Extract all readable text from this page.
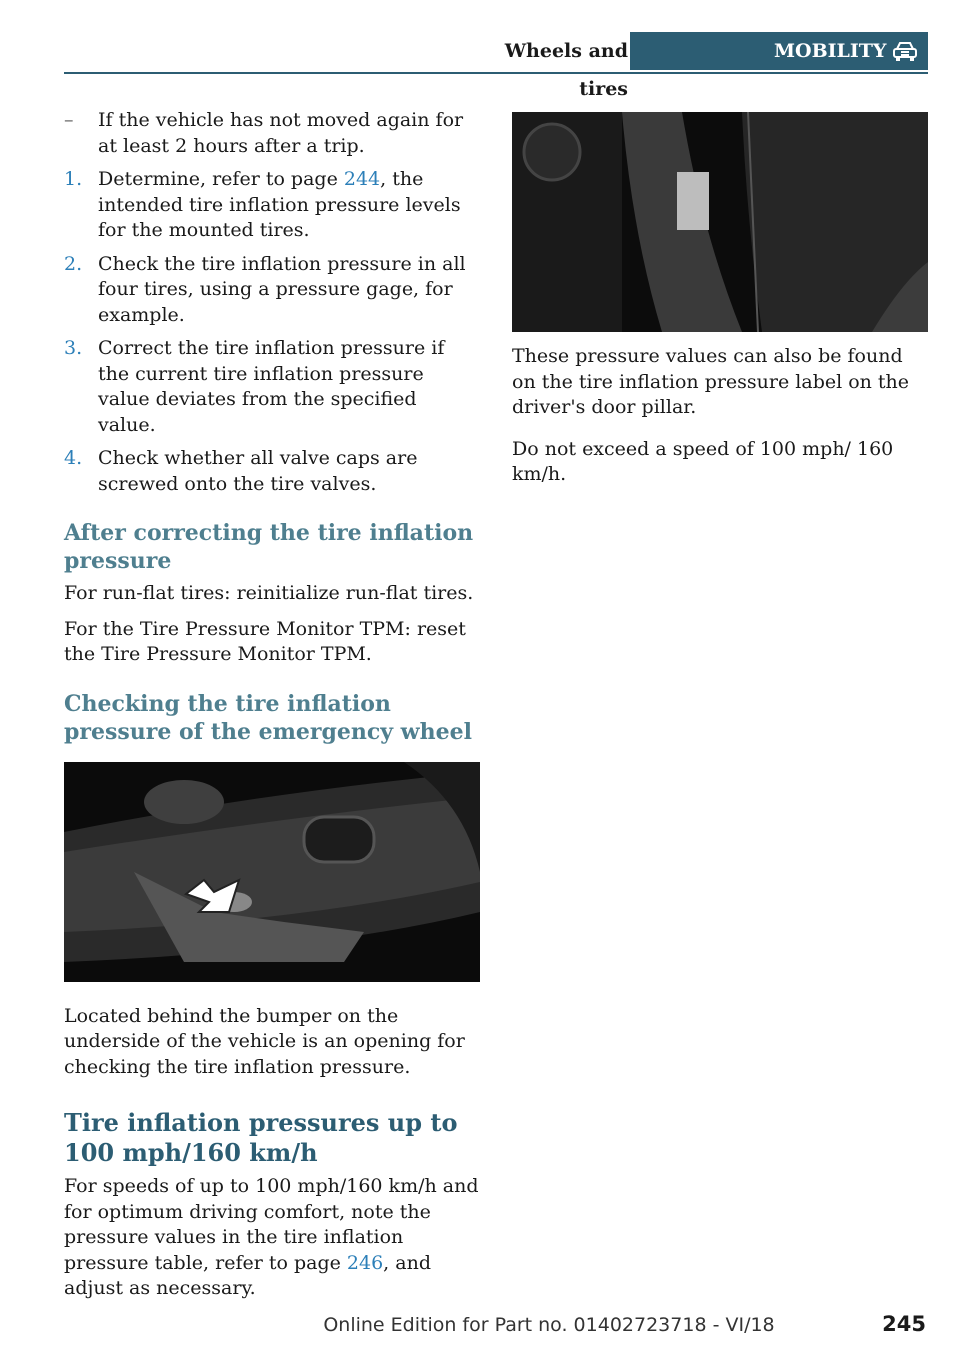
Wheels and tires
MOBILITY
–	If the vehicle has not moved again for at least 2 hours after a trip.
1. Determine, refer to page 244, the intended tire inflation pressure levels for the mounted tires.
2. Check the tire inflation pressure in all four tires, using a pressure gage, for example.
3. Correct the tire inflation pressure if the current tire inflation pressure value deviates from the specified value.
4. Check whether all valve caps are screwed onto the tire valves.
After correcting the tire inflation pressure

For run-flat tires: reinitialize run-flat tires.

For the Tire Pressure Monitor TPM: reset the Tire Pressure Monitor TPM.

Checking the tire inflation pressure of the emergency wheel

Located behind the bumper on the underside of the vehicle is an opening for checking the tire inflation pressure.

Tire inflation pressures up to 100 mph/160 km/h

For speeds of up to 100 mph/160 km/h and for optimum driving comfort, note the pressure values in the tire inflation pressure table, refer to page 246, and adjust as necessary.

These pressure values can also be found on the tire inflation pressure label on the driver's door pillar.

Do not exceed a speed of 100 mph/ 160 km/h.

Online Edition for Part no. 01402723718 - VI/18	245
